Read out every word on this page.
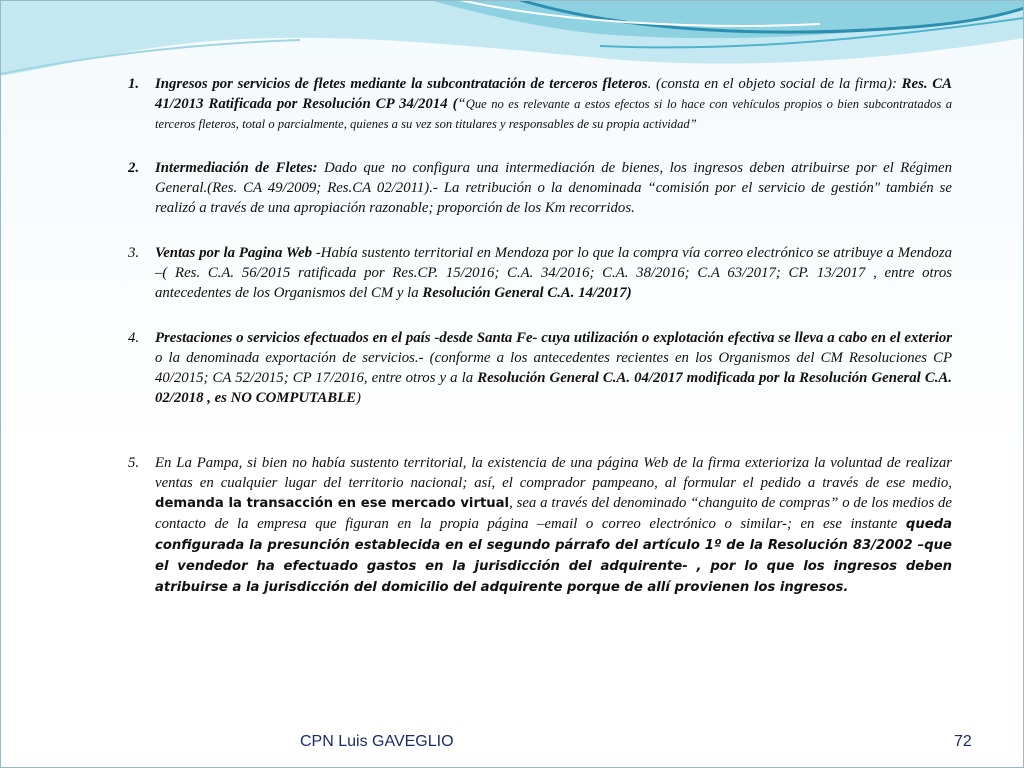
1. Ingresos por servicios de fletes mediante la subcontratación de terceros fleteros. (consta en el objeto social de la firma): Res. CA 41/2013 Ratificada por Resolución CP 34/2014 (“Que no es relevante a estos efectos si lo hace con vehículos propios o bien subcontratados a terceros fleteros, total o parcialmente, quienes a su vez son titulares y responsables de su propia actividad”
2. Intermediación de Fletes: Dado que no configura una intermediación de bienes, los ingresos deben atribuirse por el Régimen General.(Res. CA 49/2009; Res.CA 02/2011).- La retribución o la denominada “comisión por el servicio de gestión" también se realizó a través de una apropiación razonable; proporción de los Km recorridos.
3. Ventas por la Pagina Web -Había sustento territorial en Mendoza por lo que la compra vía correo electrónico se atribuye a Mendoza –( Res. C.A. 56/2015 ratificada por Res.CP. 15/2016; C.A. 34/2016; C.A. 38/2016; C.A 63/2017; CP. 13/2017 , entre otros antecedentes de los Organismos del CM y la Resolución General C.A. 14/2017)
4. Prestaciones o servicios efectuados en el país -desde Santa Fe- cuya utilización o explotación efectiva se lleva a cabo en el exterior o la denominada exportación de servicios.- (conforme a los antecedentes recientes en los Organismos del CM Resoluciones CP 40/2015; CA 52/2015; CP 17/2016, entre otros y a la Resolución General C.A. 04/2017 modificada por la Resolución General C.A. 02/2018 , es NO COMPUTABLE)
5. En La Pampa, si bien no había sustento territorial, la existencia de una página Web de la firma exterioriza la voluntad de realizar ventas en cualquier lugar del territorio nacional; así, el comprador pampeano, al formular el pedido a través de ese medio, demanda la transacción en ese mercado virtual, sea a través del denominado “changuito de compras” o de los medios de contacto de la empresa que figuran en la propia página –email o correo electrónico o similar-; en ese instante queda configurada la presunción establecida en el segundo párrafo del artículo 1º de la Resolución 83/2002 –que el vendedor ha efectuado gastos en la jurisdicción del adquirente- , por lo que los ingresos deben atribuirse a la jurisdicción del domicilio del adquirente porque de allí provienen los ingresos.
CPN Luis GAVEGLIO	72
